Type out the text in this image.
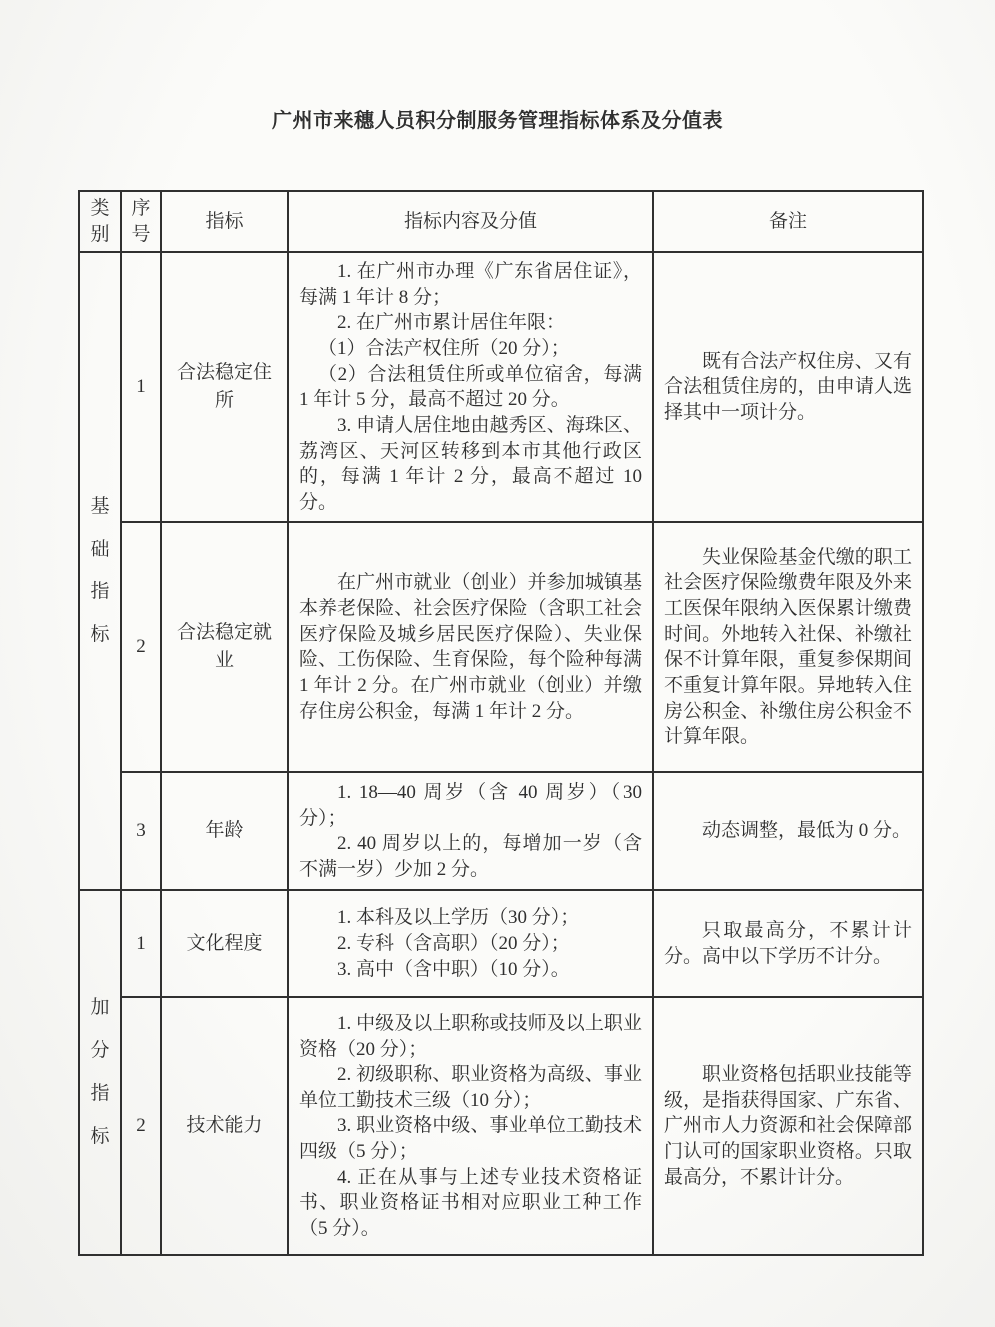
广州市来穗人员积分制服务管理指标体系及分值表
类别	序号	指标	指标内容及分值	备注
基础指标	1	合法稳定住所	1. 在广州市办理《广东省居住证》，每满 1 年计 8 分；

2. 在广州市累计居住年限：

（1）合法产权住所（20 分）；

（2）合法租赁住所或单位宿舍，每满 1 年计 5 分，最高不超过 20 分。

3. 申请人居住地由越秀区、海珠区、荔湾区、天河区转移到本市其他行政区的，每满 1 年计 2 分，最高不超过 10 分。	既有合法产权住房、又有合法租赁住房的，由申请人选择其中一项计分。

	2	合法稳定就业	在广州市就业（创业）并参加城镇基本养老保险、社会医疗保险（含职工社会医疗保险及城乡居民医疗保险）、失业保险、工伤保险、生育保险，每个险种每满 1 年计 2 分。在广州市就业（创业）并缴存住房公积金，每满 1 年计 2 分。	失业保险基金代缴的职工社会医疗保险缴费年限及外来工医保年限纳入医保累计缴费时间。外地转入社保、补缴社保不计算年限，重复参保期间不重复计算年限。异地转入住房公积金、补缴住房公积金不计算年限。

	3	年龄	1. 18—40 周岁（含 40 周岁）（30 分）；

2. 40 周岁以上的，每增加一岁（含不满一岁）少加 2 分。	动态调整，最低为 0 分。

加分指标	1	文化程度	1. 本科及以上学历（30 分）；

2. 专科（含高职）（20 分）；

3. 高中（含中职）（10 分）。	只取最高分，不累计计分。高中以下学历不计分。

	2	技术能力	1. 中级及以上职称或技师及以上职业资格（20 分）；

2. 初级职称、职业资格为高级、事业单位工勤技术三级（10 分）；

3. 职业资格中级、事业单位工勤技术四级（5 分）；

4. 正在从事与上述专业技术资格证书、职业资格证书相对应职业工种工作（5 分）。	职业资格包括职业技能等级，是指获得国家、广东省、广州市人力资源和社会保障部门认可的国家职业资格。只取最高分，不累计计分。
